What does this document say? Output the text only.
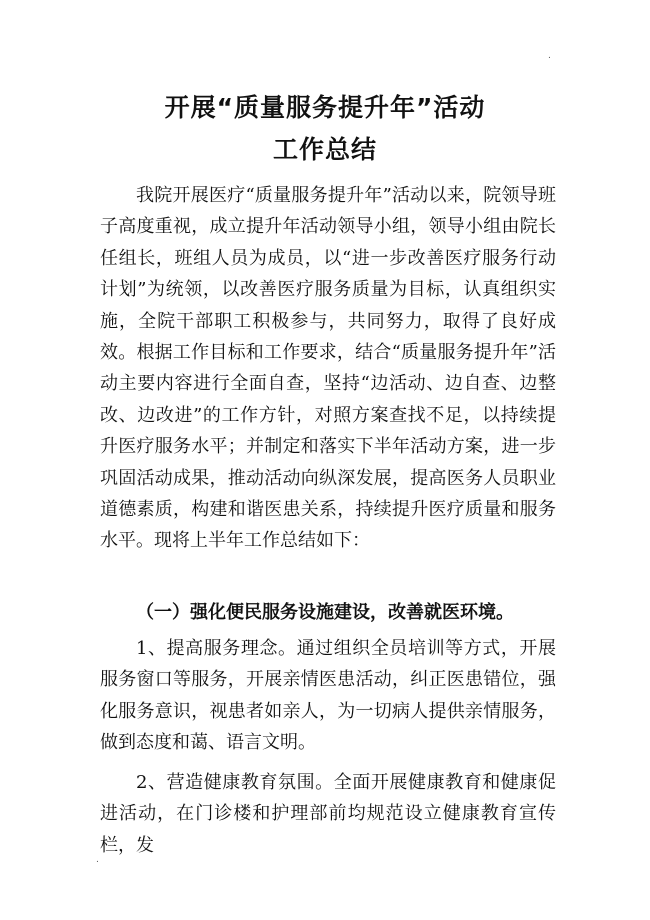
.
开展“质量服务提升年”活动
工作总结

我院开展医疗“质量服务提升年”活动以来，院领导班子高度重视，成立提升年活动领导小组，领导小组由院长任组长，班组人员为成员，以“进一步改善医疗服务行动计划”为统领，以改善医疗服务质量为目标，认真组织实施，全院干部职工积极参与，共同努力，取得了良好成效。根据工作目标和工作要求，结合“质量服务提升年”活动主要内容进行全面自查，坚持“边活动、边自查、边整改、边改进”的工作方针，对照方案查找不足，以持续提升医疗服务水平；并制定和落实下半年活动方案，进一步巩固活动成果，推动活动向纵深发展，提高医务人员职业道德素质，构建和谐医患关系，持续提升医疗质量和服务水平。现将上半年工作总结如下：

（一）强化便民服务设施建设，改善就医环境。

1、提高服务理念。通过组织全员培训等方式，开展服务窗口等服务，开展亲情医患活动，纠正医患错位，强化服务意识，视患者如亲人，为一切病人提供亲情服务，做到态度和蔼、语言文明。

2、营造健康教育氛围。全面开展健康教育和健康促进活动，在门诊楼和护理部前均规范设立健康教育宣传栏，发

.
